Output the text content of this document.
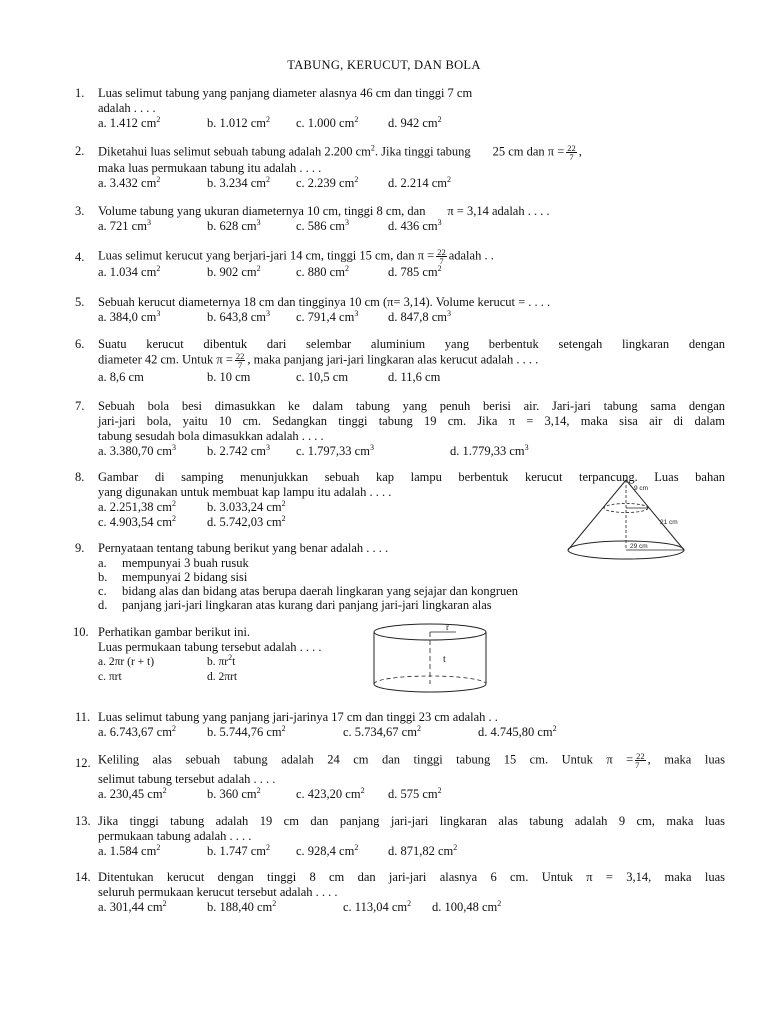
TABUNG, KERUCUT, DAN BOLA
1.	Luas selimut tabung yang panjang diameter alasnya 46 cm dan tinggi 7 cm
adalah . . . .
a. 1.412 $cm^2$	b. 1.012 $cm^2$ c. 1.000 $cm^2$ d. 942 $cm^2$
2.	Diketahui luas selimut sebuah tabung adalah 2.200 $cm^2$. Jika tinggi tabung 25 cm dan $\pi = \frac{22}{7}$ ,
maka luas permukaan tabung itu adalah . . . .
a. 3.432 $cm^2$	b. 3.234 $cm^2$ c. 2.239 $cm^2$ d. 2.214 $cm^2$
3.	Volume tabung yang ukuran diameternya 10 cm, tinggi 8 cm, dan π = 3,14 adalah . . . .
a. 721 $cm^3$	b. 628 $cm^3$	c. 586 $cm^3$	d. 436 $cm^3$
4.	Luas selimut kerucut yang berjari-jari 14 cm, tinggi 15 cm, dan $\pi = \frac{22}{7}$ adalah . .
a. 1.034 $cm^2$	b. 902 $cm^2$	c. 880 $cm^2$	d. 785 $cm^2$
5.	Sebuah kerucut diameternya 18 cm dan tingginya 10 cm (π= 3,14). Volume kerucut = . . . .
a. 384,0 $cm^3$	b. 643,8 $cm^3$ c. 791,4 $cm^3$ d. 847,8 $cm^3$
6.	Suatu kerucut dibentuk dari selembar aluminium yang berbentuk setengah lingkaran dengan
diameter 42 cm. Untuk $\pi = \frac{22}{7}$ , maka panjang jari-jari lingkaran alas kerucut adalah . . . .
a. 8,6 cm	b. 10 cm	c. 10,5 cm	d. 11,6 cm
7.	Sebuah bola besi dimasukkan ke dalam tabung yang penuh berisi air. Jari-jari tabung sama dengan
jari-jari bola, yaitu 10 cm. Sedangkan tinggi tabung 19 cm. Jika π = 3,14, maka sisa air di dalam
tabung sesudah bola dimasukkan adalah . . . .
a. 3.380,70 $cm^3$ b. 2.742 $cm^3$ c. 1.797,33 $cm^3$	d. 1.779,33 $cm^3$
8.	Gambar di samping menunjukkan sebuah kap lampu berbentuk kerucut terpancung. Luas bahan
yang digunakan untuk membuat kap lampu itu adalah . . . .
a. 2.251,38 $cm^2$ b. 3.033,24 $cm^2$
c. 4.903,54 $cm^2$ d. 5.742,03 $cm^2$
9 cm
21 cm
29 cm
9.	Pernyataan tentang tabung berikut yang benar adalah . . . .
a. mempunyai 3 buah rusuk
b. mempunyai 2 bidang sisi
c. bidang alas dan bidang atas berupa daerah lingkaran yang sejajar dan kongruen
d. panjang jari-jari lingkaran atas kurang dari panjang jari-jari lingkaran alas
10. Perhatikan gambar berikut ini.
Luas permukaan tabung tersebut adalah . . . .
a. 2πr (r + t)	b. $\pi r^2t$
c. πrt	d. 2πrt
r
t
11. Luas selimut tabung yang panjang jari-jarinya 17 cm dan tinggi 23 cm adalah . .
a. 6.743,67 $cm^2$ b. 5.744,76 $cm^2$	c. 5.734,67 $cm^2$	d. 4.745,80 $cm^2$
12. Keliling alas sebuah tabung adalah 24 cm dan tinggi tabung 15 cm. Untuk $\pi = \frac{22}{7}$ , maka luas
selimut tabung tersebut adalah . . . .
a. 230,45 $cm^2$	b. 360 $cm^2$	c. 423,20 $cm^2$ d. 575 $cm^2$
13. Jika tinggi tabung adalah 19 cm dan panjang jari-jari lingkaran alas tabung adalah 9 cm, maka luas
permukaan tabung adalah . . . .
a. 1.584 $cm^2$	b. 1.747 $cm^2$ c. 928,4 $cm^2$ d. 871,82 $cm^2$
14. Ditentukan kerucut dengan tinggi 8 cm dan jari-jari alasnya 6 cm. Untuk π = 3,14, maka luas
seluruh permukaan kerucut tersebut adalah . . . .
a. 301,44 $cm^2$	b. 188,40 $cm^2$	c. 113,04 $cm^2$ d. 100,48 $cm^2$
